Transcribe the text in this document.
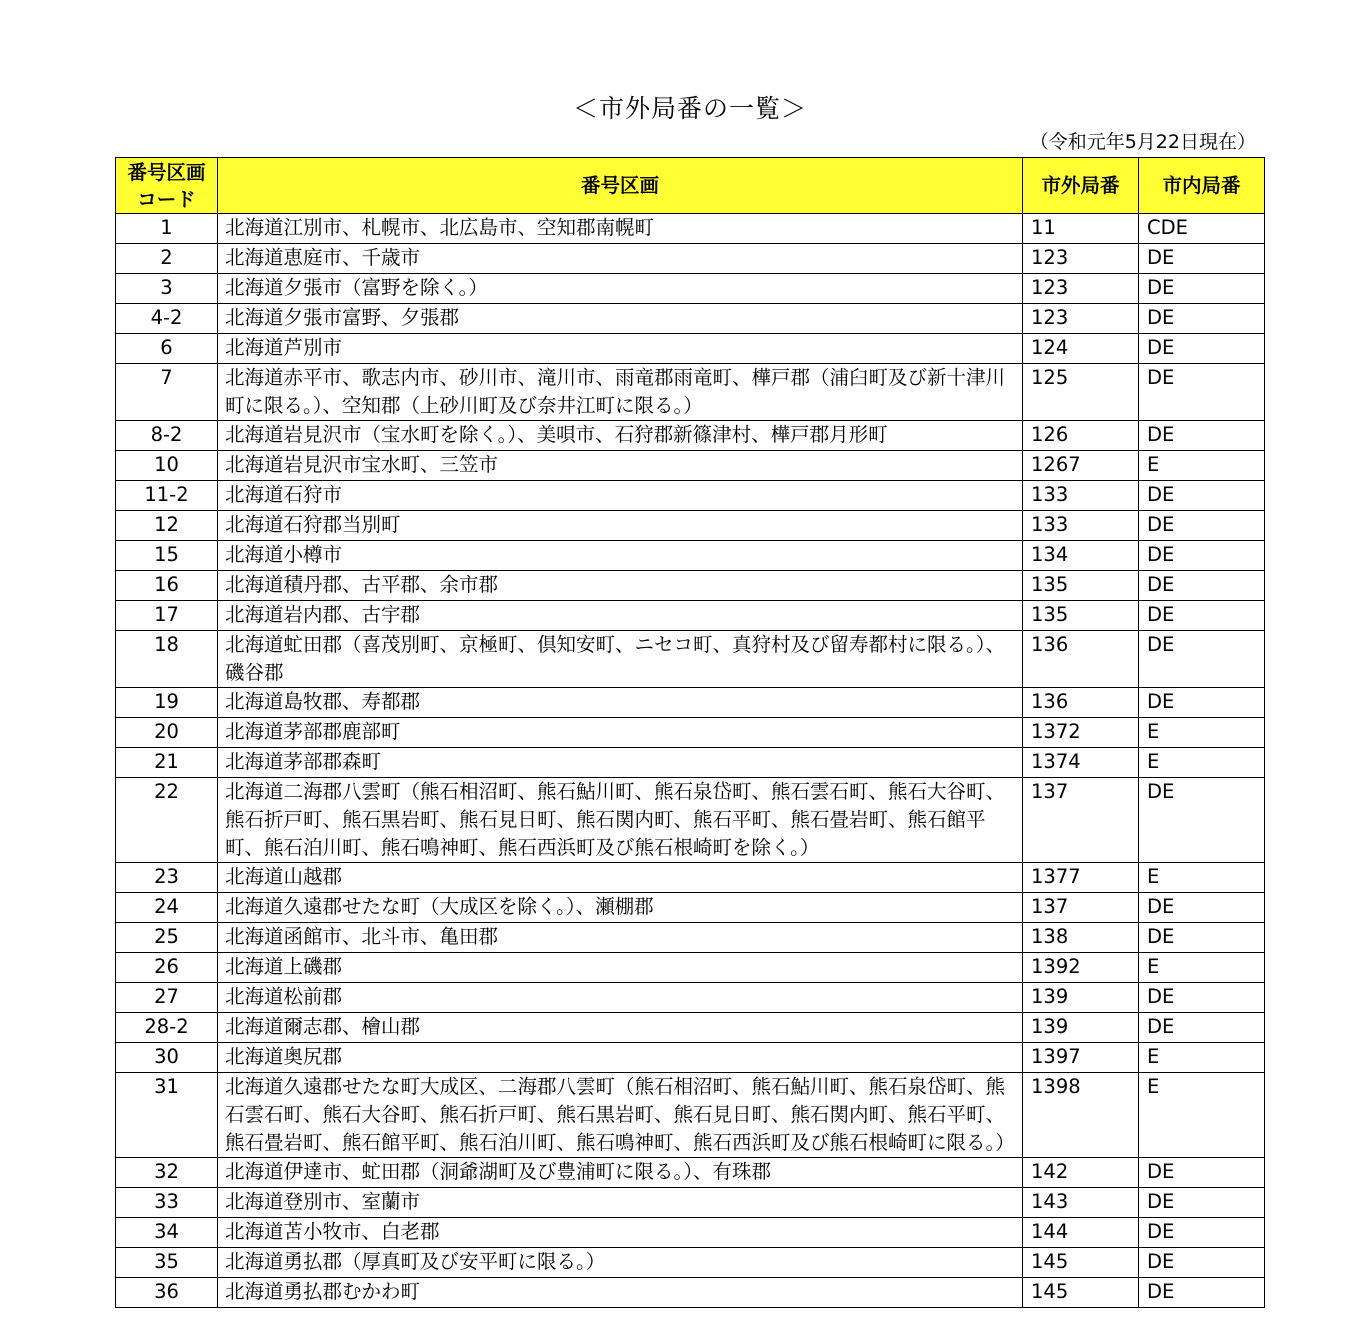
＜市外局番の一覧＞
（令和元年5月22日現在）
番号区画
コード	番号区画	市外局番	市内局番
1	北海道江別市、札幌市、北広島市、空知郡南幌町	11	CDE
2	北海道恵庭市、千歳市	123	DE
3	北海道夕張市（富野を除く。）	123	DE
4-2	北海道夕張市富野、夕張郡	123	DE
6	北海道芦別市	124	DE
7	北海道赤平市、歌志内市、砂川市、滝川市、雨竜郡雨竜町、樺戸郡（浦臼町及び新十津川町に限る。）、空知郡（上砂川町及び奈井江町に限る。）	125	DE
8-2	北海道岩見沢市（宝水町を除く。）、美唄市、石狩郡新篠津村、樺戸郡月形町	126	DE
10	北海道岩見沢市宝水町、三笠市	1267	E
11-2	北海道石狩市	133	DE
12	北海道石狩郡当別町	133	DE
15	北海道小樽市	134	DE
16	北海道積丹郡、古平郡、余市郡	135	DE
17	北海道岩内郡、古宇郡	135	DE
18	北海道虻田郡（喜茂別町、京極町、倶知安町、ニセコ町、真狩村及び留寿都村に限る。）、磯谷郡	136	DE
19	北海道島牧郡、寿都郡	136	DE
20	北海道茅部郡鹿部町	1372	E
21	北海道茅部郡森町	1374	E
22	北海道二海郡八雲町（熊石相沼町、熊石鮎川町、熊石泉岱町、熊石雲石町、熊石大谷町、熊石折戸町、熊石黒岩町、熊石見日町、熊石関内町、熊石平町、熊石畳岩町、熊石館平町、熊石泊川町、熊石鳴神町、熊石西浜町及び熊石根崎町を除く。）	137	DE
23	北海道山越郡	1377	E
24	北海道久遠郡せたな町（大成区を除く。）、瀬棚郡	137	DE
25	北海道函館市、北斗市、亀田郡	138	DE
26	北海道上磯郡	1392	E
27	北海道松前郡	139	DE
28-2	北海道爾志郡、檜山郡	139	DE
30	北海道奥尻郡	1397	E
31	北海道久遠郡せたな町大成区、二海郡八雲町（熊石相沼町、熊石鮎川町、熊石泉岱町、熊石雲石町、熊石大谷町、熊石折戸町、熊石黒岩町、熊石見日町、熊石関内町、熊石平町、熊石畳岩町、熊石館平町、熊石泊川町、熊石鳴神町、熊石西浜町及び熊石根崎町に限る。）	1398	E
32	北海道伊達市、虻田郡（洞爺湖町及び豊浦町に限る。）、有珠郡	142	DE
33	北海道登別市、室蘭市	143	DE
34	北海道苫小牧市、白老郡	144	DE
35	北海道勇払郡（厚真町及び安平町に限る。）	145	DE
36	北海道勇払郡むかわ町	145	DE
